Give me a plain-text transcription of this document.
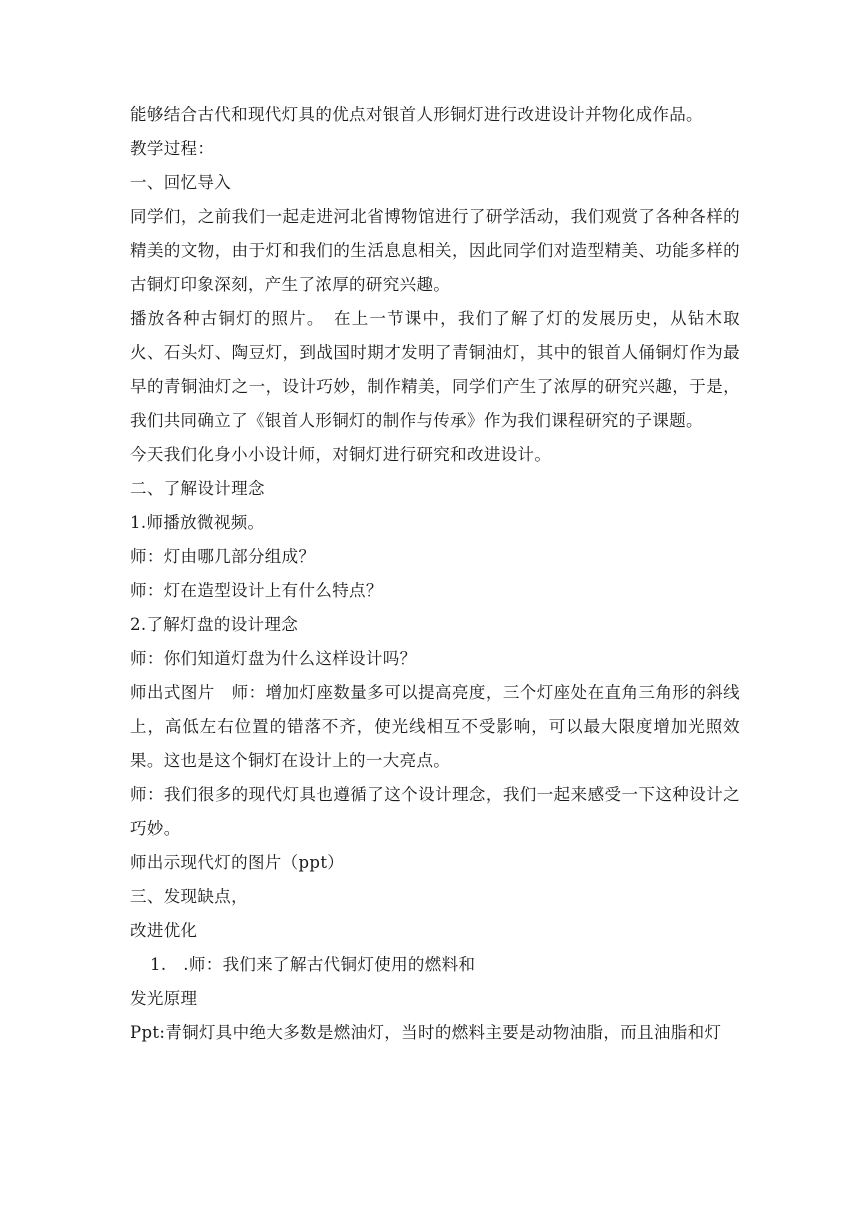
能够结合古代和现代灯具的优点对银首人形铜灯进行改进设计并物化成作品。

教学过程：

一、回忆导入

同学们，之前我们一起走进河北省博物馆进行了研学活动，我们观赏了各种各样的精美的文物，由于灯和我们的生活息息相关，因此同学们对造型精美、功能多样的古铜灯印象深刻，产生了浓厚的研究兴趣。

播放各种古铜灯的照片。　在上一节课中，我们了解了灯的发展历史，从钻木取火、石头灯、陶豆灯，到战国时期才发明了青铜油灯，其中的银首人俑铜灯作为最早的青铜油灯之一，设计巧妙，制作精美，同学们产生了浓厚的研究兴趣，于是，我们共同确立了《银首人形铜灯的制作与传承》作为我们课程研究的子课题。

今天我们化身小小设计师，对铜灯进行研究和改进设计。

二、了解设计理念

1.师播放微视频。

师：灯由哪几部分组成？

师：灯在造型设计上有什么特点？

2.了解灯盘的设计理念

师：你们知道灯盘为什么这样设计吗？

师出式图片　师：增加灯座数量多可以提高亮度，三个灯座处在直角三角形的斜线上，高低左右位置的错落不齐，使光线相互不受影响，可以最大限度增加光照效果。这也是这个铜灯在设计上的一大亮点。

师：我们很多的现代灯具也遵循了这个设计理念，我们一起来感受一下这种设计之巧妙。

师出示现代灯的图片（ppt）

三、发现缺点，

改进优化

1.　.师：我们来了解古代铜灯使用的燃料和

发光原理

Ppt:青铜灯具中绝大多数是燃油灯，当时的燃料主要是动物油脂，而且油脂和灯
